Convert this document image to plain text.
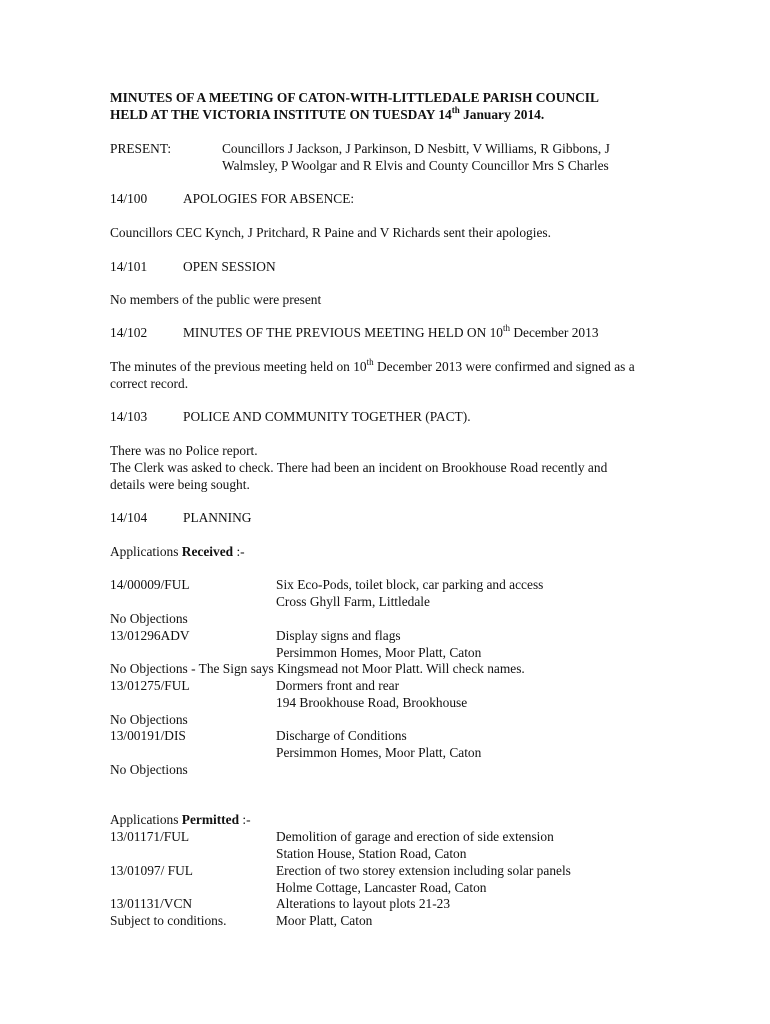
MINUTES OF A MEETING OF CATON-WITH-LITTLEDALE PARISH COUNCIL
HELD AT THE VICTORIA INSTITUTE ON TUESDAY 14th January 2014.
PRESENT:	Councillors J Jackson, J Parkinson, D Nesbitt, V Williams, R Gibbons, J
Walmsley, P Woolgar and R Elvis and County Councillor Mrs S Charles
14/100	APOLOGIES FOR ABSENCE:
Councillors CEC Kynch, J Pritchard, R Paine and V Richards sent their apologies.
14/101	OPEN SESSION
No members of the public were present
14/102	MINUTES OF THE PREVIOUS MEETING HELD ON 10th December 2013
The minutes of the previous meeting held on 10th December 2013 were confirmed and signed as a
correct record.
14/103	POLICE AND COMMUNITY TOGETHER (PACT).
There was no Police report.
The Clerk was asked to check. There had been an incident on Brookhouse Road recently and
details were being sought.
14/104	PLANNING
Applications Received :-
14/00009/FUL	Six Eco-Pods, toilet block, car parking and access
Cross Ghyll Farm, Littledale
No Objections
13/01296ADV	Display signs and flags
Persimmon Homes, Moor Platt, Caton
No Objections - The Sign says Kingsmead not Moor Platt. Will check names.
13/01275/FUL	Dormers front and rear
194 Brookhouse Road, Brookhouse
No Objections
13/00191/DIS	Discharge of Conditions
Persimmon Homes, Moor Platt, Caton
No Objections
Applications Permitted :-
13/01171/FUL	Demolition of garage and erection of side extension
Station House, Station Road, Caton
13/01097/ FUL	Erection of two storey extension including solar panels
Holme Cottage, Lancaster Road, Caton
13/01131/VCN	Alterations to layout plots 21-23
Subject to conditions.	Moor Platt, Caton
